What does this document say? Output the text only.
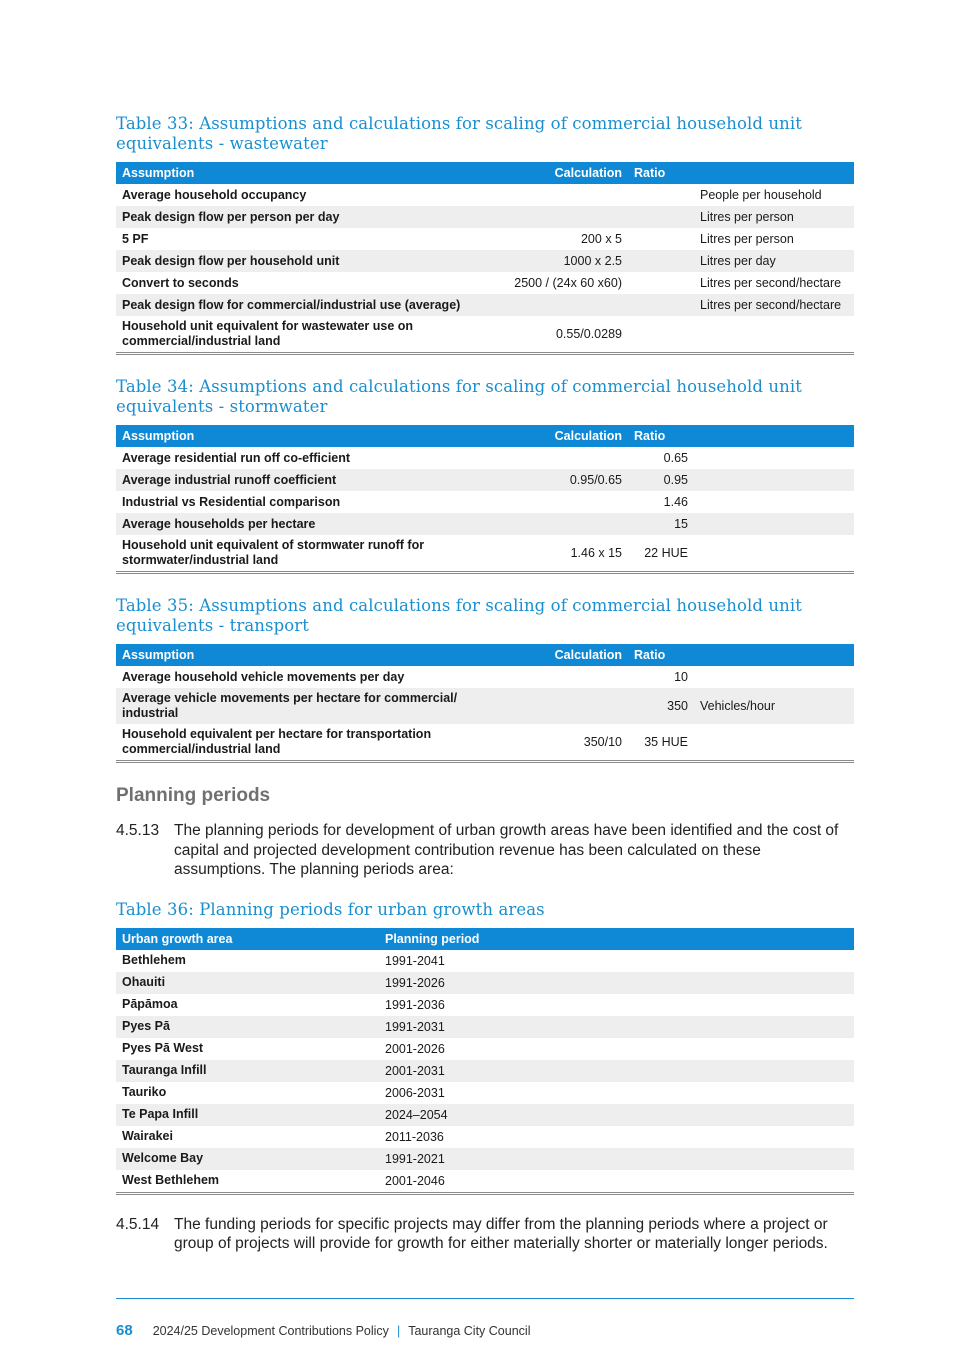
Table 33: Assumptions and calculations for scaling of commercial household unit equivalents - wastewater
Assumption	Calculation	Ratio	
Average household occupancy			People per household
Peak design flow per person per day			Litres per person
5 PF	200 x 5		Litres per person
Peak design flow per household unit	1000 x 2.5		Litres per day
Convert to seconds	2500 / (24x 60 x60)		Litres per second/hectare
Peak design flow for commercial/industrial use (average)			Litres per second/hectare
Household unit equivalent for wastewater use on commercial/industrial land	0.55/0.0289		
Table 34: Assumptions and calculations for scaling of commercial household unit equivalents - stormwater
Assumption	Calculation	Ratio	
Average residential run off co-efficient		0.65	
Average industrial runoff coefficient	0.95/0.65	0.95	
Industrial vs Residential comparison		1.46	
Average households per hectare		15	
Household unit equivalent of stormwater runoff for stormwater/industrial land	1.46 x 15	22 HUE	
Table 35: Assumptions and calculations for scaling of commercial household unit equivalents - transport
Assumption	Calculation	Ratio	
Average household vehicle movements per day		10	
Average vehicle movements per hectare for commercial/ industrial		350	Vehicles/hour
Household equivalent per hectare for transportation commercial/industrial land	350/10	35 HUE	
Planning periods
4.5.13 The planning periods for development of urban growth areas have been identified and the cost of capital and projected development contribution revenue has been calculated on these assumptions. The planning periods area:
Table 36: Planning periods for urban growth areas
Urban growth area	Planning period
Bethlehem	1991-2041
Ohauiti	1991-2026
Pāpāmoa	1991-2036
Pyes Pā	1991-2031
Pyes Pā West	2001-2026
Tauranga Infill	2001-2031
Tauriko	2006-2031
Te Papa Infill	2024–2054
Wairakei	2011-2036
Welcome Bay	1991-2021
West Bethlehem	2001-2046
4.5.14 The funding periods for specific projects may differ from the planning periods where a project or group of projects will provide for growth for either materially shorter or materially longer periods.
68 2024/25 Development Contributions Policy | Tauranga City Council
